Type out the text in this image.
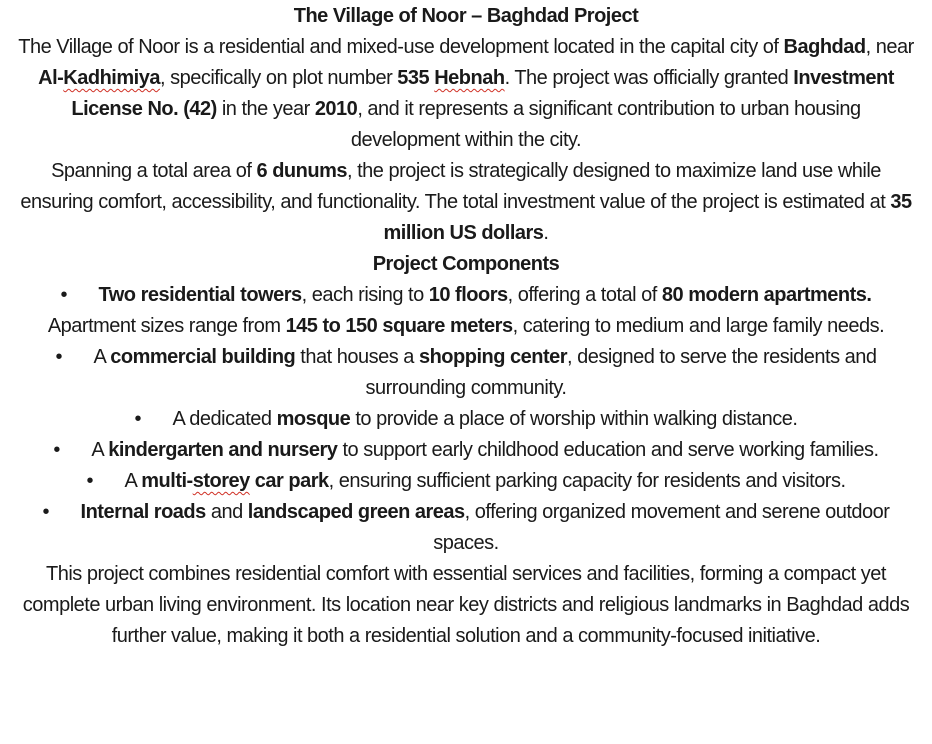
The Village of Noor – Baghdad Project

The Village of Noor is a residential and mixed-use development located in the capital city of Baghdad, near Al-Kadhimiya, specifically on plot number 535 Hebnah. The project was officially granted Investment License No. (42) in the year 2010, and it represents a significant contribution to urban housing development within the city.

Spanning a total area of 6 dunums, the project is strategically designed to maximize land use while ensuring comfort, accessibility, and functionality. The total investment value of the project is estimated at 35 million US dollars.

Project Components

• Two residential towers, each rising to 10 floors, offering a total of 80 modern apartments. Apartment sizes range from 145 to 150 square meters, catering to medium and large family needs.

• A commercial building that houses a shopping center, designed to serve the residents and surrounding community.

• A dedicated mosque to provide a place of worship within walking distance.

• A kindergarten and nursery to support early childhood education and serve working families.

• A multi-storey car park, ensuring sufficient parking capacity for residents and visitors.

• Internal roads and landscaped green areas, offering organized movement and serene outdoor spaces.

This project combines residential comfort with essential services and facilities, forming a compact yet complete urban living environment. Its location near key districts and religious landmarks in Baghdad adds further value, making it both a residential solution and a community-focused initiative.
